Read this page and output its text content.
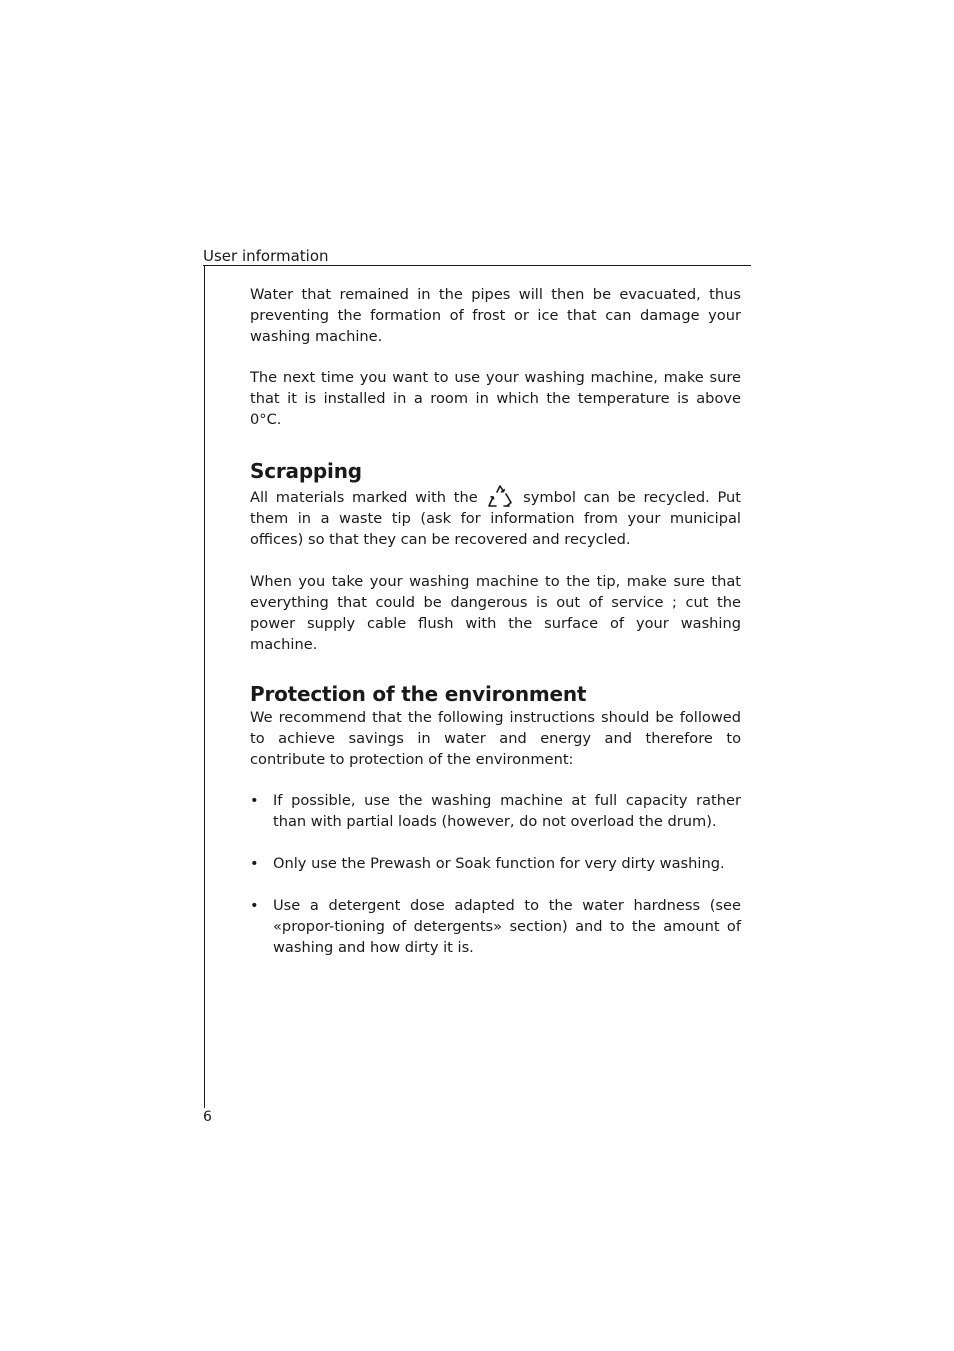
User information

Water that remained in the pipes will then be evacuated, thus preventing the formation of frost or ice that can damage your washing machine.

The next time you want to use your washing machine, make sure that it is installed in a room in which the temperature is above 0°C.

Scrapping

All materials marked with the	symbol can be recycled. Put them in a waste tip (ask for information from your municipal offices) so that they can be recovered and recycled.

When you take your washing machine to the tip, make sure that everything that could be dangerous is out of service ; cut the power supply cable flush with the surface of your washing machine.

Protection of the environment

We recommend that the following instructions should be followed to achieve savings in water and energy and therefore to contribute to protection of the environment:

• If possible, use the washing machine at full capacity rather than with partial loads (however, do not overload the drum).
• Only use the Prewash or Soak function for very dirty washing.
• Use a detergent dose adapted to the water hardness (see «propor-tioning of detergents» section) and to the amount of washing and how dirty it is.
6
